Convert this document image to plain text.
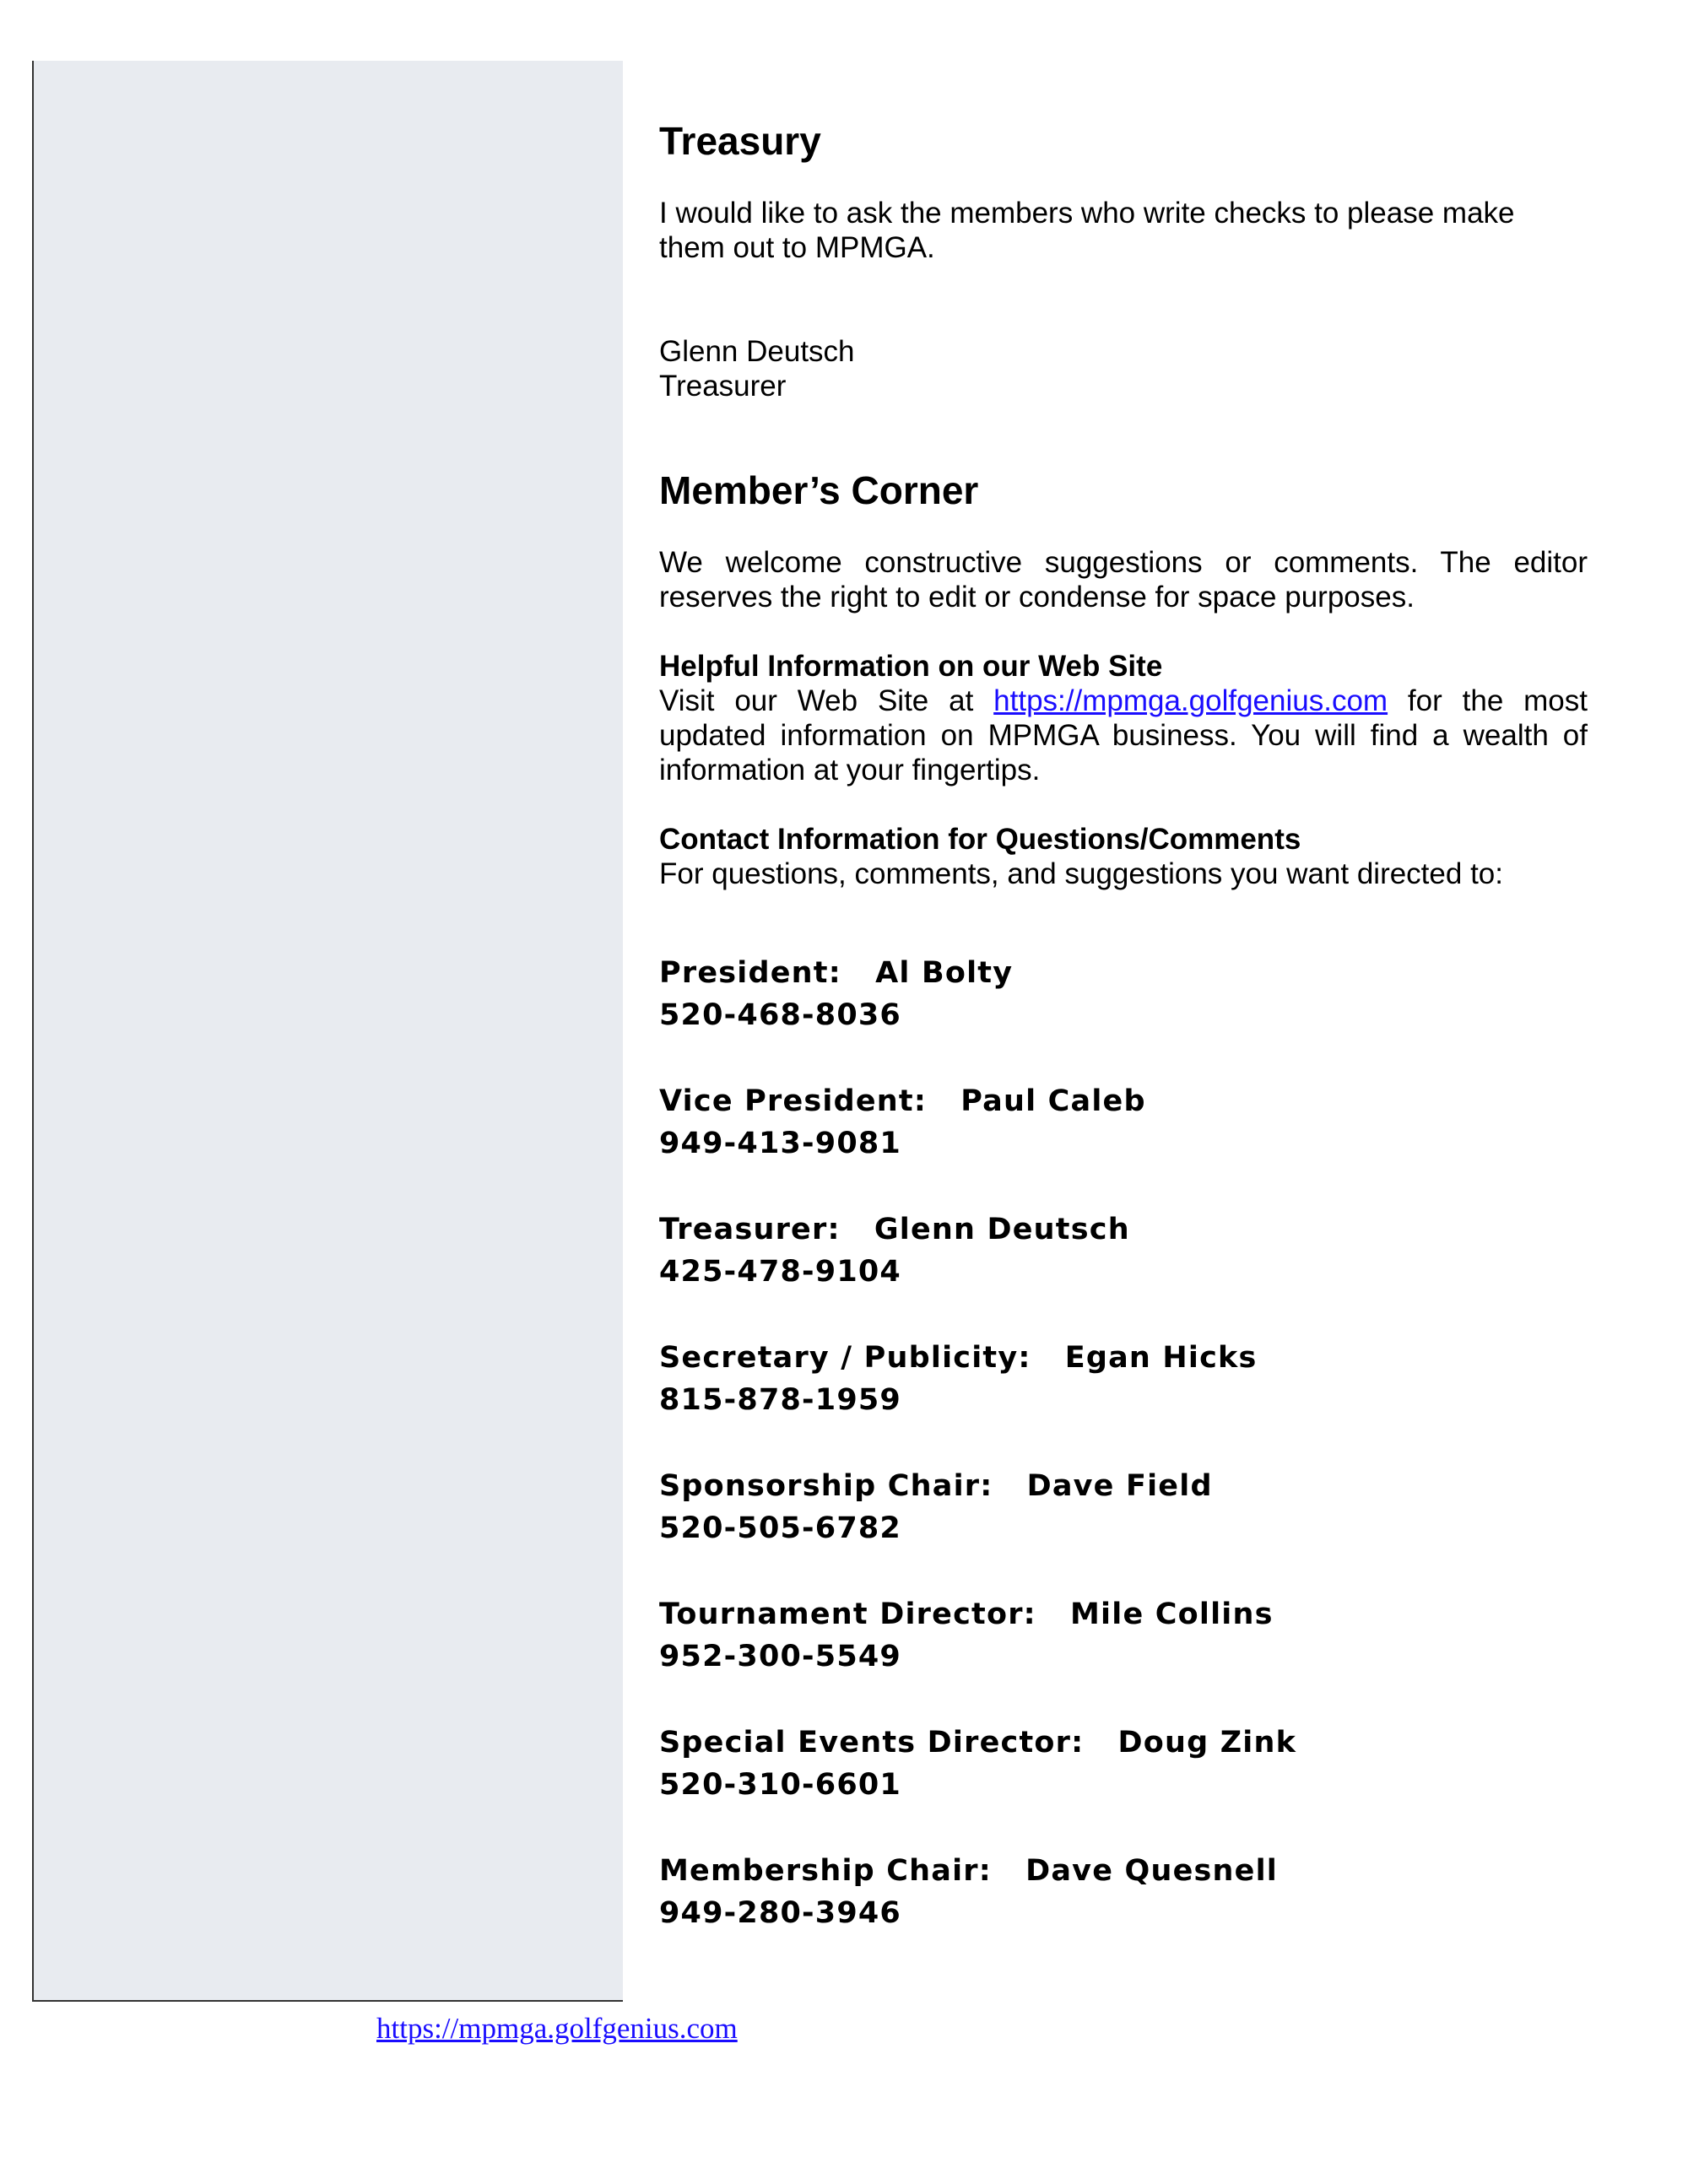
Treasury

I would like to ask the members who write checks to please make them out to MPMGA.

Glenn Deutsch

Treasurer

Member’s Corner

We welcome constructive suggestions or comments. The editor reserves the right to edit or condense for space purposes.

Helpful Information on our Web Site

Visit our Web Site at https://mpmga.golfgenius.com for the most updated information on MPMGA business. You will find a wealth of information at your fingertips.

Contact Information for Questions/Comments

For questions, comments, and suggestions you want directed to:

President: Al Bolty

520-468-8036

Vice President: Paul Caleb

949-413-9081

Treasurer: Glenn Deutsch

425-478-9104

Secretary / Publicity: Egan Hicks

815-878-1959

Sponsorship Chair: Dave Field

520-505-6782

Tournament Director: Mile Collins

952-300-5549

Special Events Director: Doug Zink

520-310-6601

Membership Chair: Dave Quesnell

949-280-3946

https://mpmga.golfgenius.com
